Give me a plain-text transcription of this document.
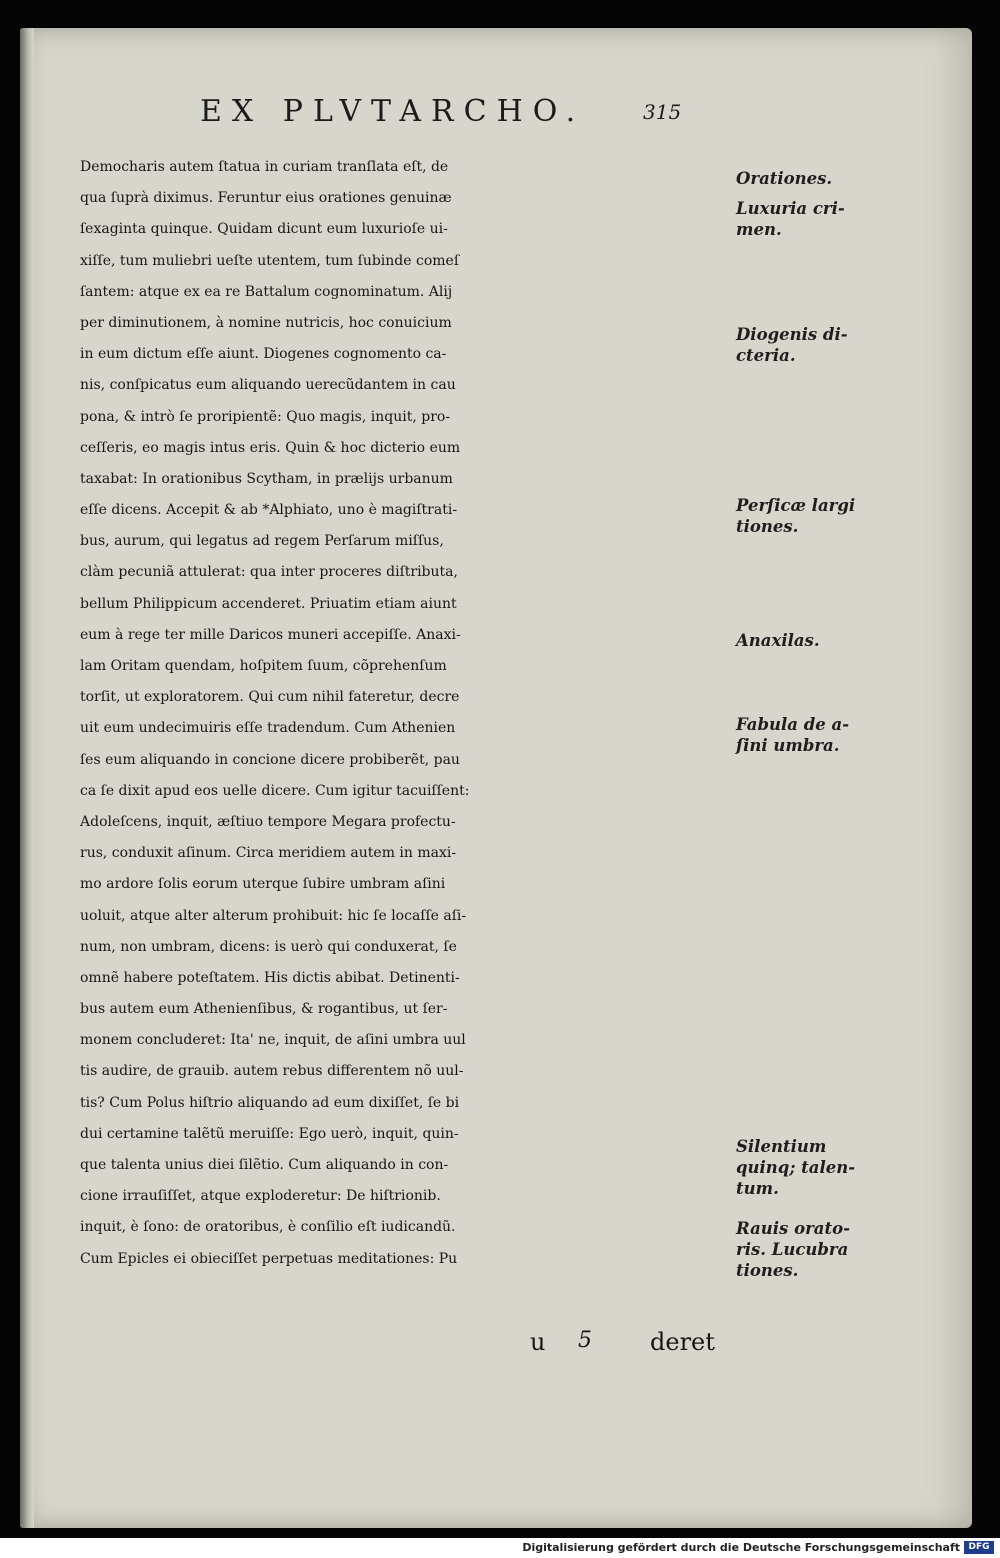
EX PLVTARCHO.	315
Democharis autem ſtatua in curiam tranſlata eſt, de
qua ſuprà diximus. Feruntur eius orationes genuinæ
ſexaginta quinque. Quidam dicunt eum luxurioſe ui-
xiſſe, tum muliebri ueſte utentem, tum ſubinde comeſ
ſantem: atque ex ea re Battalum cognominatum. Alij
per diminutionem, à nomine nutricis, hoc conuicium
in eum dictum eſſe aiunt. Diogenes cognomento ca-
nis, conſpicatus eum aliquando uerecũdantem in cau
pona, & intrò ſe proripientẽ: Quo magis, inquit, pro-
ceſſeris, eo magis intus eris. Quin & hoc dicterio eum
taxabat: In orationibus Scytham, in prælijs urbanum
eſſe dicens. Accepit & ab *Alphiato, uno è magiſtrati-
bus, aurum, qui legatus ad regem Perſarum miſſus,
clàm pecuniã attulerat: qua inter proceres diſtributa,
bellum Philippicum accenderet. Priuatim etiam aiunt
eum à rege ter mille Daricos muneri accepiſſe. Anaxi-
lam Oritam quendam, hoſpitem ſuum, cõprehenſum
torſit, ut exploratorem. Qui cum nihil fateretur, decre
uit eum undecimuiris eſſe tradendum. Cum Athenien
ſes eum aliquando in concione dicere probiberẽt, pau
ca ſe dixit apud eos uelle dicere. Cum igitur tacuiſſent:
Adoleſcens, inquit, æſtiuo tempore Megara profectu-
rus, conduxit aſinum. Circa meridiem autem in maxi-
mo ardore ſolis eorum uterque ſubire umbram aſini
uoluit, atque alter alterum prohibuit: hic ſe locaſſe aſi-
num, non umbram, dicens: is uerò qui conduxerat, ſe
omnẽ habere poteſtatem. His dictis abibat. Detinenti-
bus autem eum Athenienſibus, & rogantibus, ut ſer-
monem concluderet: Ita' ne, inquit, de aſini umbra uul
tis audire, de grauib. autem rebus differentem nõ uul-
tis? Cum Polus hiſtrio aliquando ad eum dixiſſet, ſe bi
dui certamine talẽtũ meruiſſe: Ego uerò, inquit, quin-
que talenta unius diei ſilẽtio. Cum aliquando in con-
cione irrauſiſſet, atque exploderetur: De hiſtrionib.
inquit, è ſono: de oratoribus, è conſilio eſt iudicandũ.
Cum Epicles ei obieciſſet perpetuas meditationes: Pu
u 5 deret
Orationes.
Luxuria cri-
men.
Diogenis di-
cteria.
Perſicæ largi
tiones.
Anaxilas.
Fabula de a-
ſini umbra.
Silentium
quinq; talen-
tum.
Rauis orato-
ris. Lucubra
tiones.
Digitalisierung gefördert durch die Deutsche Forschungsgemeinschaft DFG
